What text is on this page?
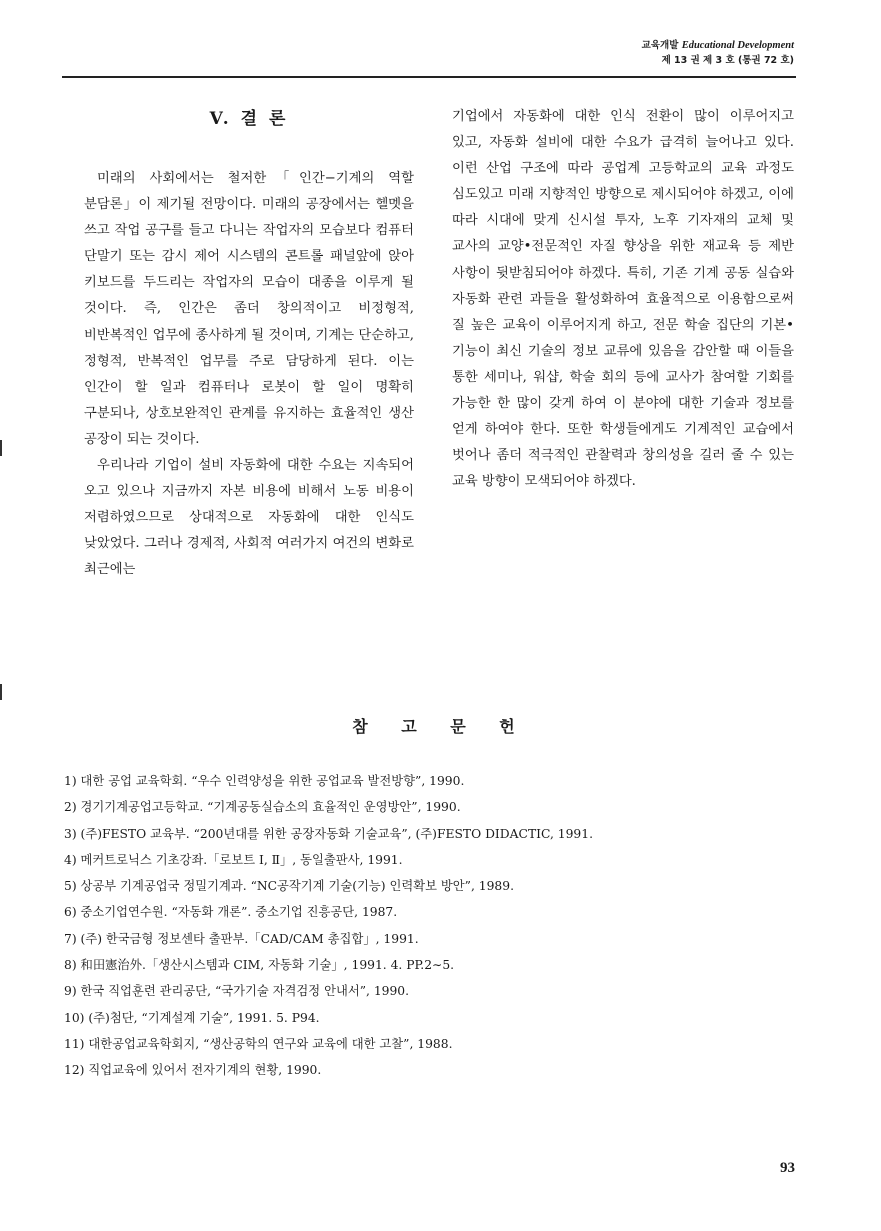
교육개발 Educational Development
제 13 권 제 3 호 (통권 72 호)
V. 결 론

미래의 사회에서는 철저한「인간−기계의 역할 분담론」이 제기될 전망이다. 미래의 공장에서는 헬멧을 쓰고 작업 공구를 들고 다니는 작업자의 모습보다 컴퓨터 단말기 또는 감시 제어 시스템의 콘트롤 패널앞에 앉아 키보드를 두드리는 작업자의 모습이 대종을 이루게 될 것이다. 즉, 인간은 좀더 창의적이고 비정형적, 비반복적인 업무에 종사하게 될 것이며, 기계는 단순하고, 정형적, 반복적인 업무를 주로 담당하게 된다. 이는 인간이 할 일과 컴퓨터나 로봇이 할 일이 명확히 구분되나, 상호보완적인 관계를 유지하는 효율적인 생산 공장이 되는 것이다.

우리나라 기업이 설비 자동화에 대한 수요는 지속되어 오고 있으나 지금까지 자본 비용에 비해서 노동 비용이 저렴하였으므로 상대적으로 자동화에 대한 인식도 낮았었다. 그러나 경제적, 사회적 여러가지 여건의 변화로 최근에는

기업에서 자동화에 대한 인식 전환이 많이 이루어지고 있고, 자동화 설비에 대한 수요가 급격히 늘어나고 있다. 이런 산업 구조에 따라 공업계 고등학교의 교육 과정도 심도있고 미래 지향적인 방향으로 제시되어야 하겠고, 이에 따라 시대에 맞게 신시설 투자, 노후 기자재의 교체 및 교사의 교양•전문적인 자질 향상을 위한 재교육 등 제반 사항이 뒷받침되어야 하겠다. 특히, 기존 기계 공동 실습와 자동화 관련 과들을 활성화하여 효율적으로 이용함으로써 질 높은 교육이 이루어지게 하고, 전문 학술 집단의 기본•기능이 최신 기술의 정보 교류에 있음을 감안할 때 이들을 통한 세미나, 워샵, 학술 회의 등에 교사가 참여할 기회를 가능한 한 많이 갖게 하여 이 분야에 대한 기술과 정보를 얻게 하여야 한다. 또한 학생들에게도 기계적인 교습에서 벗어나 좀더 적극적인 관찰력과 창의성을 길러 줄 수 있는 교육 방향이 모색되어야 하겠다.

참 고 문 헌
1) 대한 공업 교육학회. “우수 인력양성을 위한 공업교육 발전방향”, 1990.
2) 경기기계공업고등학교. “기계공동실습소의 효율적인 운영방안”, 1990.
3) (주)FESTO 교육부. “200년대를 위한 공장자동화 기술교육”, (주)FESTO DIDACTIC, 1991.
4) 메커트로닉스 기초강좌.「로보트 Ⅰ, Ⅱ」, 동일출판사, 1991.
5) 상공부 기계공업국 정밀기계과. “NC공작기계 기술(기능) 인력확보 방안”, 1989.
6) 중소기업연수원. “자동화 개론”. 중소기업 진흥공단, 1987.
7) (주) 한국금형 정보센타 출판부.「CAD/CAM 총집합」, 1991.
8) 和田憲治外.「생산시스템과 CIM, 자동화 기술」, 1991. 4. PP.2∼5.
9) 한국 직업훈련 관리공단, “국가기술 자격검정 안내서”, 1990.
10) (주)첨단, “기계설계 기술”, 1991. 5. P94.
11) 대한공업교육학회지, “생산공학의 연구와 교육에 대한 고찰”, 1988.
12) 직업교육에 있어서 전자기계의 현황, 1990.
93
